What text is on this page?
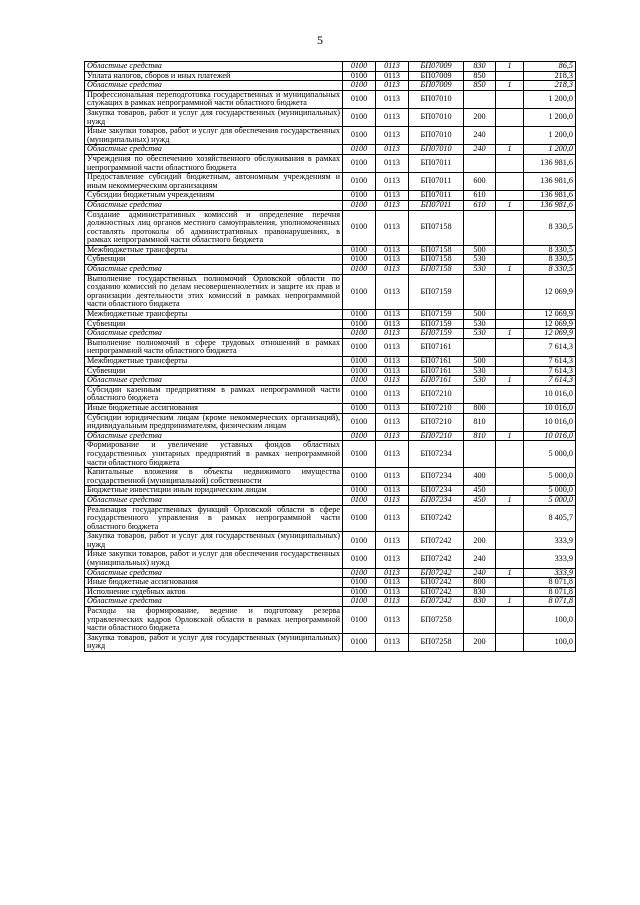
5
Областные средства	0100	0113	БП07009	830	1	86,5
Уплата налогов, сборов и иных платежей	0100	0113	БП07009	850		218,3
Областные средства	0100	0113	БП07009	850	1	218,3
Профессиональная переподготовка государственных и муниципальных служащих в рамках непрограммной части областного бюджета	0100	0113	БП07010			1 200,0
Закупка товаров, работ и услуг для государственных (муниципальных) нужд	0100	0113	БП07010	200		1 200,0
Иные закупки товаров, работ и услуг для обеспечения государственных (муниципальных) нужд	0100	0113	БП07010	240		1 200,0
Областные средства	0100	0113	БП07010	240	1	1 200,0
Учреждения по обеспечению хозяйственного обслуживания в рамках непрограммной части областного бюджета	0100	0113	БП07011			136 981,6
Предоставление субсидий бюджетным, автономным учреждениям и иным некоммерческим организациям	0100	0113	БП07011	600		136 981,6
Субсидии бюджетным учреждениям	0100	0113	БП07011	610		136 981,6
Областные средства	0100	0113	БП07011	610	1	136 981,6
Создание административных комиссий и определение перечня должностных лиц органов местного самоуправления, уполномоченных составлять протоколы об административных правонарушениях, в рамках непрограммной части областного бюджета	0100	0113	БП07158			8 330,5
Межбюджетные трансферты	0100	0113	БП07158	500		8 330,5
Субвенции	0100	0113	БП07158	530		8 330,5
Областные средства	0100	0113	БП07158	530	1	8 330,5
Выполнение государственных полномочий Орловской области по созданию комиссий по делам несовершеннолетних и защите их прав и организации деятельности этих комиссий в рамках непрограммной части областного бюджета	0100	0113	БП07159			12 069,9
Межбюджетные трансферты	0100	0113	БП07159	500		12 069,9
Субвенции	0100	0113	БП07159	530		12 069,9
Областные средства	0100	0113	БП07159	530	1	12 069,9
Выполнение полномочий в сфере трудовых отношений в рамках непрограммной части областного бюджета	0100	0113	БП07161			7 614,3
Межбюджетные трансферты	0100	0113	БП07161	500		7 614,3
Субвенции	0100	0113	БП07161	530		7 614,3
Областные средства	0100	0113	БП07161	530	1	7 614,3
Субсидии казенным предприятиям в рамках непрограммной части областного бюджета	0100	0113	БП07210			10 016,0
Иные бюджетные ассигнования	0100	0113	БП07210	800		10 016,0
Субсидии юридическим лицам (кроме некоммерческих организаций), индивидуальным предпринимателям, физическим лицам	0100	0113	БП07210	810		10 016,0
Областные средства	0100	0113	БП07210	810	1	10 016,0
Формирование и увеличение уставных фондов областных государственных унитарных предприятий в рамках непрограммной части областного бюджета	0100	0113	БП07234			5 000,0
Капитальные вложения в объекты недвижимого имущества государственной (муниципальной) собственности	0100	0113	БП07234	400		5 000,0
Бюджетные инвестиции иным юридическим лицам	0100	0113	БП07234	450		5 000,0
Областные средства	0100	0113	БП07234	450	1	5 000,0
Реализация государственных функций Орловской области в сфере государственного управления в рамках непрограммной части областного бюджета	0100	0113	БП07242			8 405,7
Закупка товаров, работ и услуг для государственных (муниципальных) нужд	0100	0113	БП07242	200		333,9
Иные закупки товаров, работ и услуг для обеспечения государственных (муниципальных) нужд	0100	0113	БП07242	240		333,9
Областные средства	0100	0113	БП07242	240	1	333,9
Иные бюджетные ассигнования	0100	0113	БП07242	800		8 071,8
Исполнение судебных актов	0100	0113	БП07242	830		8 071,8
Областные средства	0100	0113	БП07242	830	1	8 071,8
Расходы на формирование, ведение и подготовку резерва управленческих кадров Орловской области в рамках непрограммной части областного бюджета	0100	0113	БП07258			100,0
Закупка товаров, работ и услуг для государственных (муниципальных) нужд	0100	0113	БП07258	200		100,0
